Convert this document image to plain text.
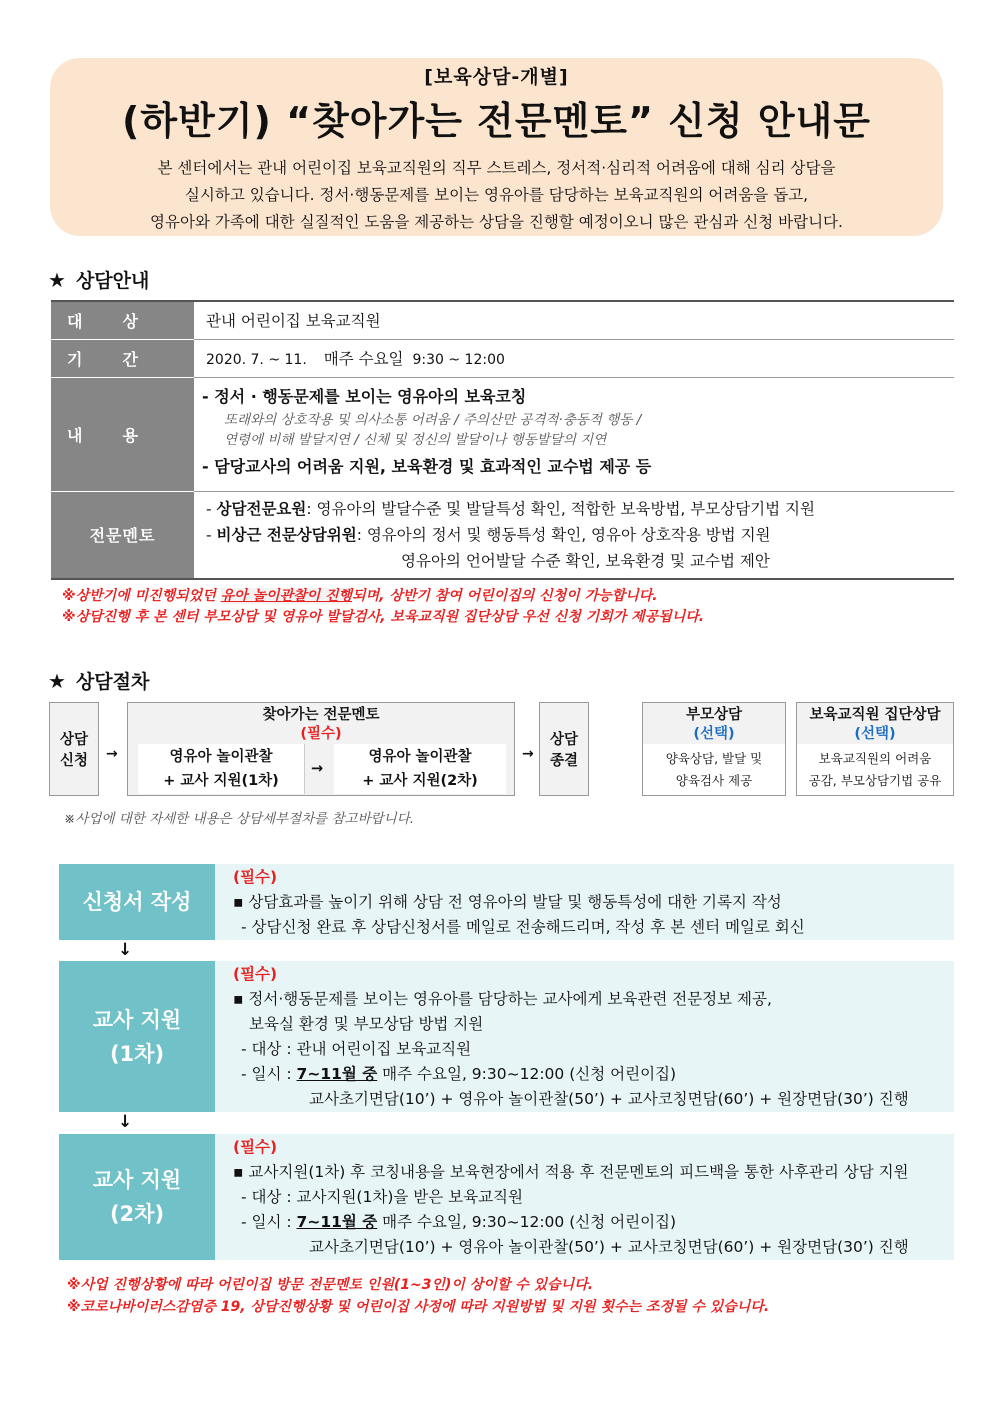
[보육상담-개별]
(하반기) “찾아가는 전문멘토” 신청 안내문
본 센터에서는 관내 어린이집 보육교직원의 직무 스트레스, 정서적·심리적 어려움에 대해 심리 상담을
실시하고 있습니다. 정서·행동문제를 보이는 영유아를 담당하는 보육교직원의 어려움을 돕고,
영유아와 가족에 대한 실질적인 도움을 제공하는 상담을 진행할 예정이오니 많은 관심과 신청 바랍니다.
★ 상담안내
대상	관내 어린이집 보육교직원
기간	2020. 7. ~ 11. 매주 수요일 9:30 ~ 12:00
내용	- 정서 · 행동문제를 보이는 영유아의 보육코칭
또래와의 상호작용 및 의사소통 어려움 / 주의산만 공격적·충동적 행동 /
연령에 비해 발달지연 / 신체 및 정신의 발달이나 행동발달의 지연
- 담당교사의 어려움 지원, 보육환경 및 효과적인 교수법 제공 등

전문멘토	- 상담전문요원: 영유아의 발달수준 및 발달특성 확인, 적합한 보육방법, 부모상담기법 지원
- 비상근 전문상담위원: 영유아의 정서 및 행동특성 확인, 영유아 상호작용 방법 지원
영유아의 언어발달 수준 확인, 보육환경 및 교수법 제안
※상반기에 미진행되었던 유아 놀이관찰이 진행되며, 상반기 참여 어린이집의 신청이 가능합니다.
※상담진행 후 본 센터 부모상담 및 영유아 발달검사, 보육교직원 집단상담 우선 신청 기회가 제공됩니다.
★ 상담절차
상담
신청	→
찾아가는 전문멘토
(필수)
영유아 놀이관찰
+ 교사 지원(1차)
→
영유아 놀이관찰
+ 교사 지원(2차)
→
상담
종결
부모상담
(선택)
양육상담, 발달 및
양육검사 제공
보육교직원 집단상담
(선택)
보육교직원의 어려움
공감, 부모상담기법 공유
※사업에 대한 자세한 내용은 상담세부절차를 참고바랍니다.
신청서 작성
(필수)
▪ 상담효과를 높이기 위해 상담 전 영유아의 발달 및 행동특성에 대한 기록지 작성
- 상담신청 완료 후 상담신청서를 메일로 전송해드리며, 작성 후 본 센터 메일로 회신
↓
교사 지원
(1차)
(필수)
▪ 정서·행동문제를 보이는 영유아를 담당하는 교사에게 보육관련 전문정보 제공,
보육실 환경 및 부모상담 방법 지원
- 대상 : 관내 어린이집 보육교직원
- 일시 : 7~11월 중 매주 수요일, 9:30~12:00 (신청 어린이집)
교사초기면담(10’) + 영유아 놀이관찰(50’) + 교사코칭면담(60’) + 원장면담(30’) 진행
↓
교사 지원
(2차)
(필수)
▪ 교사지원(1차) 후 코칭내용을 보육현장에서 적용 후 전문멘토의 피드백을 통한 사후관리 상담 지원
- 대상 : 교사지원(1차)을 받은 보육교직원
- 일시 : 7~11월 중 매주 수요일, 9:30~12:00 (신청 어린이집)
교사초기면담(10’) + 영유아 놀이관찰(50’) + 교사코칭면담(60’) + 원장면담(30’) 진행
※사업 진행상황에 따라 어린이집 방문 전문멘토 인원(1~3인)이 상이할 수 있습니다.
※코로나바이러스감염증 19, 상담진행상황 및 어린이집 사정에 따라 지원방법 및 지원 횟수는 조정될 수 있습니다.
